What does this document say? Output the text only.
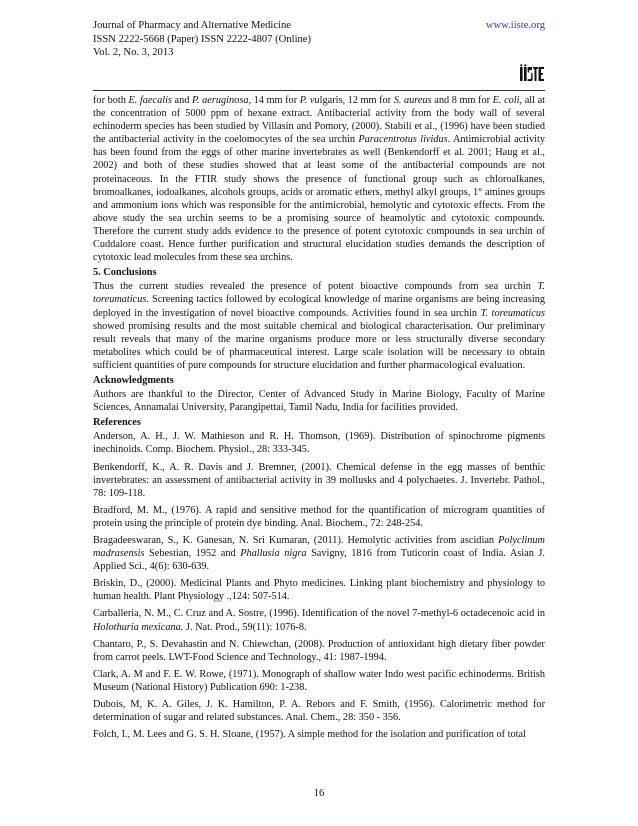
Journal of Pharmacy and Alternative Medicine
ISSN 2222-5668 (Paper) ISSN 2222-4807 (Online)
Vol. 2, No. 3, 2013
www.iiste.org

for both E. faecalis and P. aeruginosa, 14 mm for P. vulgaris, 12 mm for S. aureus and 8 mm for E. coli, all at the concentration of 5000 ppm of hexane extract. Antibacterial activity from the body wall of several echinoderm species has been studied by Villasin and Pomory, (2000). Stabili et al., (1996) have been studied the antibacterial activity in the coelomocytes of the sea urchin Paracentrotus lividus. Antimicrobial activity has been found from the eggs of other marine invertebrates as well (Benkendorff et al. 2001; Haug et al., 2002) and both of these studies showed that at least some of the antibacterial compounds are not proteinaceous. In the FTIR study shows the presence of functional group such as chloroalkanes, bromoalkanes, iodoalkanes, alcohols groups, acids or aromatic ethers, methyl alkyl groups, 1° amines groups and ammonium ions which was responsible for the antimicrobial, hemolytic and cytotoxic effects. From the above study the sea urchin seems to be a promising source of heamolytic and cytotoxic compounds. Therefore the current study adds evidence to the presence of potent cytotoxic compounds in sea urchin of Cuddalore coast. Hence further purification and structural elucidation studies demands the description of cytotoxic lead molecules from these sea urchins.

5. Conclusions

Thus the current studies revealed the presence of potent bioactive compounds from sea urchin T. toreumaticus. Screening tactics followed by ecological knowledge of marine organisms are being increasing deployed in the investigation of novel bioactive compounds. Activities found in sea urchin T. toreumaticus showed promising results and the most suitable chemical and biological characterisation. Our preliminary result reveals that many of the marine organisms produce more or less structurally diverse secondary metabolites which could be of pharmaceutical interest. Large scale isolation will be necessary to obtain sufficient quantities of pure compounds for structure elucidation and further pharmacological evaluation.

Acknowledgments

Authors are thankful to the Director, Center of Advanced Study in Marine Biology, Faculty of Marine Sciences, Annamalai University, Parangipettai, Tamil Nadu, India for facilities provided.

References

Anderson, A. H., J. W. Mathieson and R. H. Thomson, (1969). Distribution of spinochrome pigments inechinoids. Comp. Biochem. Physiol., 28: 333-345.

Benkendorff, K., A. R. Davis and J. Bremner, (2001). Chemical defense in the egg masses of benthic invertebrates: an assessment of antibacterial activity in 39 mollusks and 4 polychaetes. J. Invertebr. Pathol., 78: 109-118.

Bradford, M. M., (1976). A rapid and sensitive method for the quantification of microgram quantities of protein using the principle of protein dye binding. Anal. Biochem., 72: 248-254.

Bragadeeswaran, S., K. Ganesan, N. Sri Kumaran, (2011). Hemolytic activities from ascidian Polyclinum madrasensis Sebestian, 1952 and Phallusia nigra Savigny, 1816 from Tuticorin coast of India. Asian J. Applied Sci., 4(6): 630-639.

Briskin, D., (2000). Medicinal Plants and Phyto medicines. Linking plant biochemistry and physiology to human health. Plant Physiology .,124: 507-514.

Carballeria, N. M., C. Cruz and A. Sostre, (1996). Identification of the novel 7-methyl-6 octadecenoic acid in Holothuria mexicana. J. Nat. Prod., 59(11): 1076-8.

Chantaro, P., S. Devahastin and N. Chiewchan, (2008). Production of antioxidant high dietary fiber powder from carrot peels. LWT-Food Science and Technology., 41: 1987-1994.

Clark, A. M and F. E. W. Rowe, (1971). Monograph of shallow water Indo west pacific echinoderms. British Museum (National History) Publication 690: 1-238.

Dubois, M, K. A. Giles, J. K. Hamilton, P. A. Rebors and F. Smith, (1956). Calorimetric method for determination of sugar and related substances. Anal. Chem., 28: 350 - 356.

Folch, I., M. Lees and G. S. H. Sloane, (1957). A simple method for the isolation and purification of total

16
